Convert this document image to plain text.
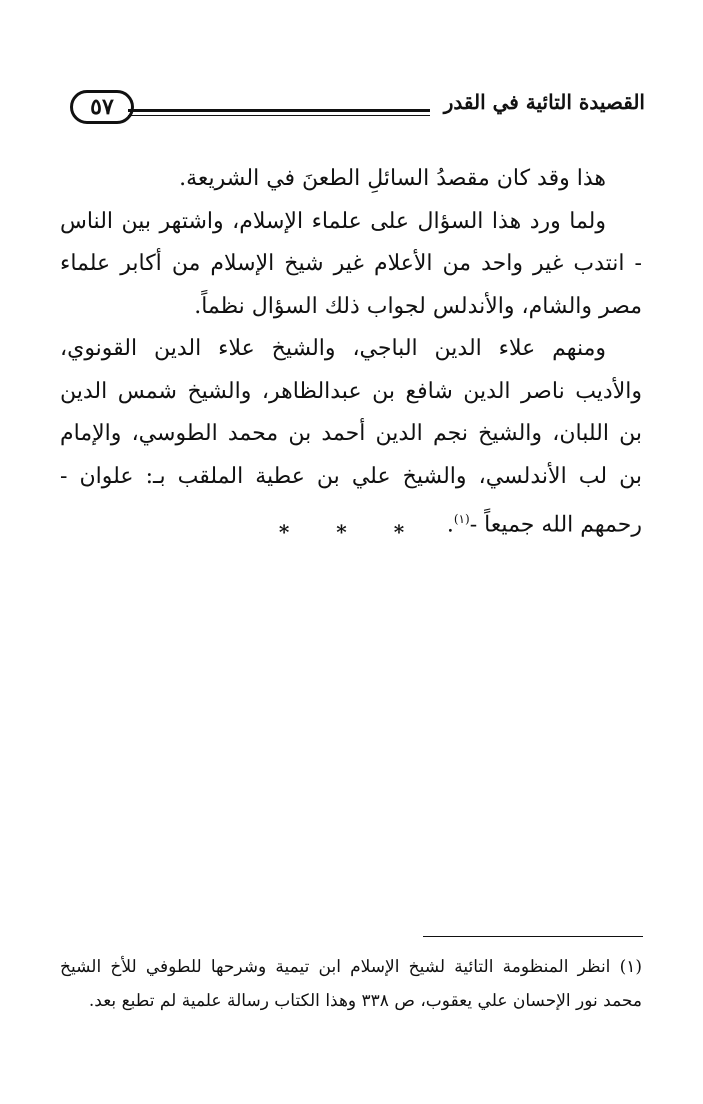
القصيدة التائية في القدر
٥٧

هذا وقد كان مقصدُ السائلِ الطعنَ في الشريعة.

ولما ورد هذا السؤال على علماء الإسلام، واشتهر بين الناس - انتدب غير واحد من الأعلام غير شيخ الإسلام من أكابر علماء مصر والشام، والأندلس لجواب ذلك السؤال نظماً.

ومنهم علاء الدين الباجي، والشيخ علاء الدين القونوي، والأديب ناصر الدين شافع بن عبدالظاهر، والشيخ شمس الدين بن اللبان، والشيخ نجم الدين أحمد بن محمد الطوسي، والإمام بن لب الأندلسي، والشيخ علي بن عطية الملقب بـ: علوان - رحمهم الله جميعاً -$^{(١)}$.

* * *
(١) انظر المنظومة التائية لشيخ الإسلام ابن تيمية وشرحها للطوفي للأخ الشيخ محمد نور الإحسان علي يعقوب، ص ٣٣٨ وهذا الكتاب رسالة علمية لم تطبع بعد.
